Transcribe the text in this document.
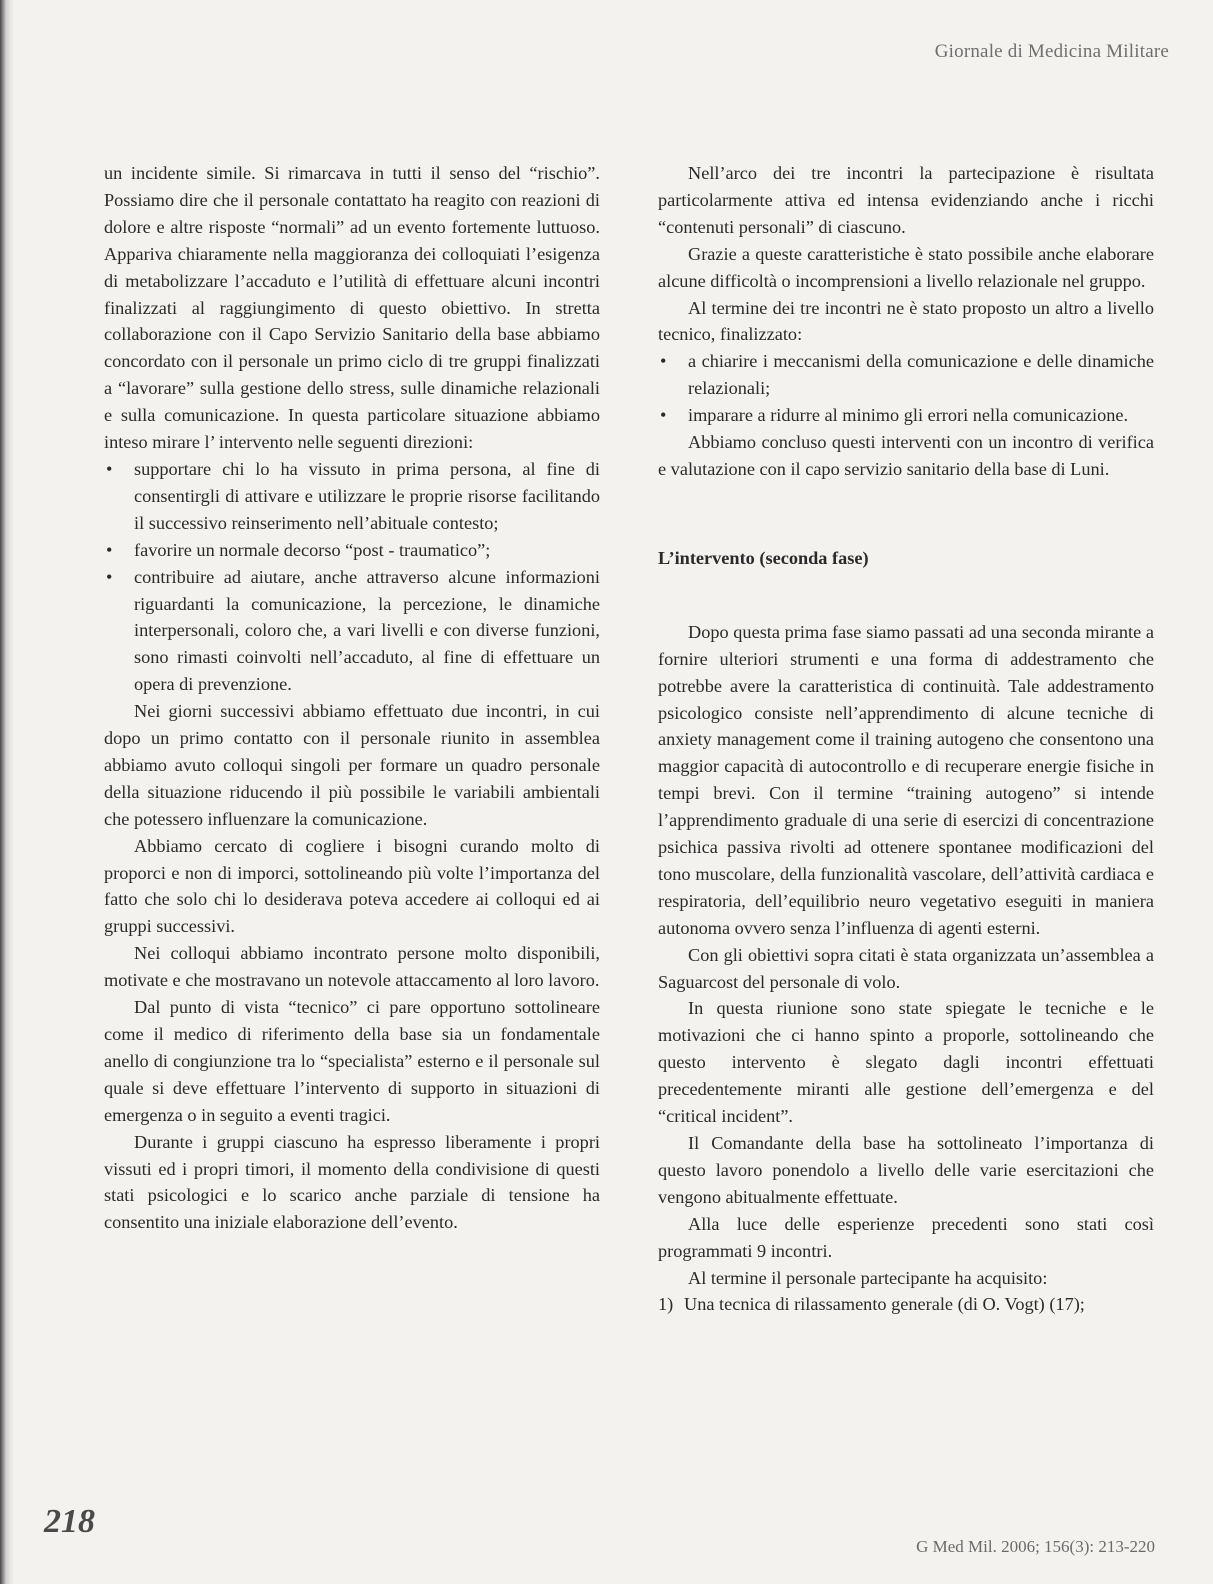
Giornale di Medicina Militare

un incidente simile. Si rimarcava in tutti il senso del “rischio”. Possiamo dire che il personale contattato ha reagito con reazioni di dolore e altre risposte “normali” ad un evento fortemente luttuoso. Appariva chiaramente nella maggioranza dei colloquiati l’esigenza di metabolizzare l’accaduto e l’utilità di effettuare alcuni incontri finalizzati al raggiungimento di questo obiettivo. In stretta collaborazione con il Capo Servizio Sanitario della base abbiamo concordato con il personale un primo ciclo di tre gruppi finalizzati a “lavorare” sulla gestione dello stress, sulle dinamiche relazionali e sulla comunicazione. In questa particolare situazione abbiamo inteso mirare l’ intervento nelle seguenti direzioni:

• supportare chi lo ha vissuto in prima persona, al fine di consentirgli di attivare e utilizzare le proprie risorse facilitando il successivo reinserimento nell’abituale contesto;
• favorire un normale decorso “post - traumatico”;
• contribuire ad aiutare, anche attraverso alcune informazioni riguardanti la comunicazione, la percezione, le dinamiche interpersonali, coloro che, a vari livelli e con diverse funzioni, sono rimasti coinvolti nell’accaduto, al fine di effettuare un opera di prevenzione.

Nei giorni successivi abbiamo effettuato due incontri, in cui dopo un primo contatto con il personale riunito in assemblea abbiamo avuto colloqui singoli per formare un quadro personale della situazione riducendo il più possibile le variabili ambientali che potessero influenzare la comunicazione.

Abbiamo cercato di cogliere i bisogni curando molto di proporci e non di imporci, sottolineando più volte l’importanza del fatto che solo chi lo desiderava poteva accedere ai colloqui ed ai gruppi successivi.

Nei colloqui abbiamo incontrato persone molto disponibili, motivate e che mostravano un notevole attaccamento al loro lavoro.

Dal punto di vista “tecnico” ci pare opportuno sottolineare come il medico di riferimento della base sia un fondamentale anello di congiunzione tra lo “specialista” esterno e il personale sul quale si deve effettuare l’intervento di supporto in situazioni di emergenza o in seguito a eventi tragici.

Durante i gruppi ciascuno ha espresso liberamente i propri vissuti ed i propri timori, il momento della condivisione di questi stati psicologici e lo scarico anche parziale di tensione ha consentito una iniziale elaborazione dell’evento.

Nell’arco dei tre incontri la partecipazione è risultata particolarmente attiva ed intensa evidenziando anche i ricchi “contenuti personali” di ciascuno.

Grazie a queste caratteristiche è stato possibile anche elaborare alcune difficoltà o incomprensioni a livello relazionale nel gruppo.

Al termine dei tre incontri ne è stato proposto un altro a livello tecnico, finalizzato:

• a chiarire i meccanismi della comunicazione e delle dinamiche relazionali;
• imparare a ridurre al minimo gli errori nella comunicazione.

Abbiamo concluso questi interventi con un incontro di verifica e valutazione con il capo servizio sanitario della base di Luni.

L’intervento (seconda fase)

Dopo questa prima fase siamo passati ad una seconda mirante a fornire ulteriori strumenti e una forma di addestramento che potrebbe avere la caratteristica di continuità. Tale addestramento psicologico consiste nell’apprendimento di alcune tecniche di anxiety management come il training autogeno che consentono una maggior capacità di autocontrollo e di recuperare energie fisiche in tempi brevi. Con il termine “training autogeno” si intende l’apprendimento graduale di una serie di esercizi di concentrazione psichica passiva rivolti ad ottenere spontanee modificazioni del tono muscolare, della funzionalità vascolare, dell’attività cardiaca e respiratoria, dell’equilibrio neuro vegetativo eseguiti in maniera autonoma ovvero senza l’influenza di agenti esterni.

Con gli obiettivi sopra citati è stata organizzata un’assemblea a Saguarcost del personale di volo.

In questa riunione sono state spiegate le tecniche e le motivazioni che ci hanno spinto a proporle, sottolineando che questo intervento è slegato dagli incontri effettuati precedentemente miranti alle gestione dell’emergenza e del “critical incident”.

Il Comandante della base ha sottolineato l’importanza di questo lavoro ponendolo a livello delle varie esercitazioni che vengono abitualmente effettuate.

Alla luce delle esperienze precedenti sono stati così programmati 9 incontri.

Al termine il personale partecipante ha acquisito:

1) Una tecnica di rilassamento generale (di O. Vogt) (17);
218
G Med Mil. 2006; 156(3): 213-220
